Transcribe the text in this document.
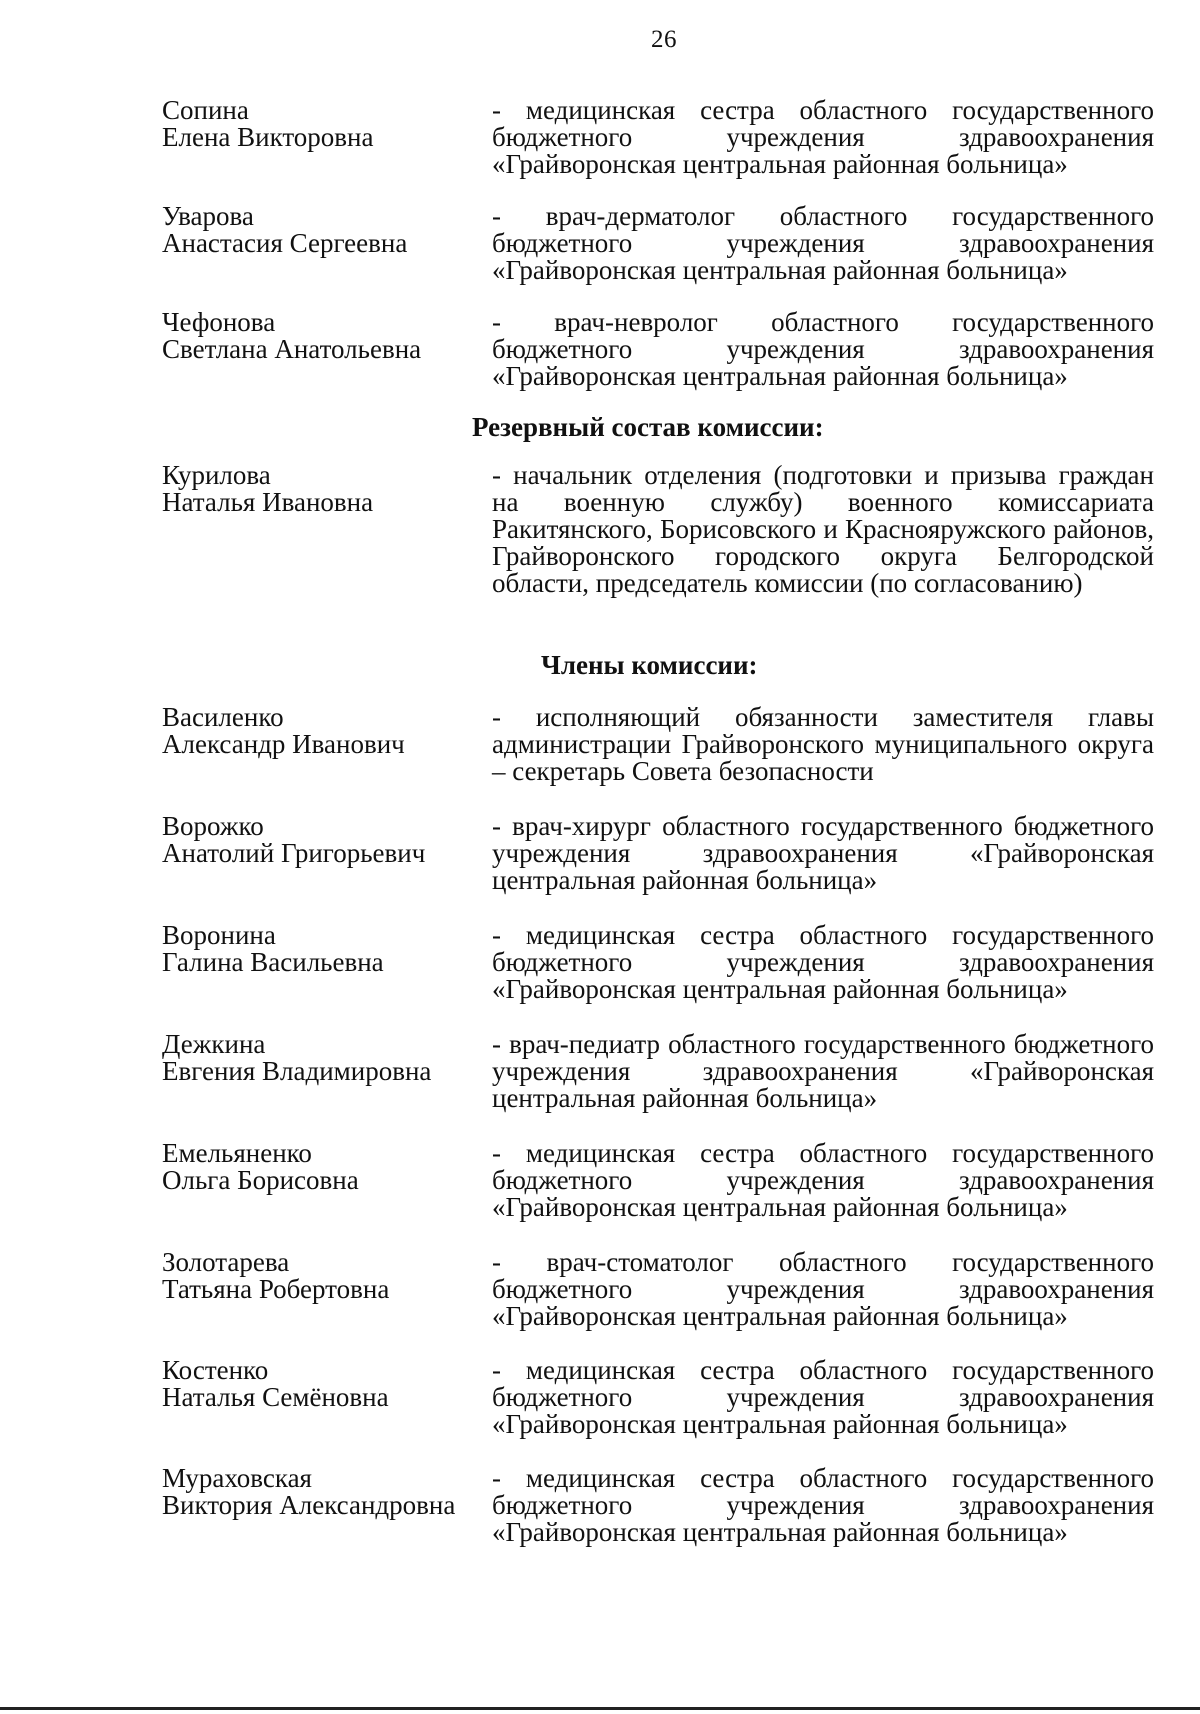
26
Сопина
Елена Викторовна
- медицинская сестра областного государственного бюджетного учреждения здравоохранения «Грайворонская центральная районная больница»
Уварова
Анастасия Сергеевна
- врач-дерматолог областного государственного бюджетного учреждения здравоохранения «Грайворонская центральная районная больница»
Чефонова
Светлана Анатольевна
- врач-невролог областного государственного бюджетного учреждения здравоохранения «Грайворонская центральная районная больница»
Резервный состав комиссии:
Курилова
Наталья Ивановна
- начальник отделения (подготовки и призыва граждан на военную службу) военного комиссариата Ракитянского, Борисовского и Краснояружского районов, Грайворонского городского округа Белгородской области, председатель комиссии (по согласованию)
Члены комиссии:
Василенко
Александр Иванович
- исполняющий обязанности заместителя главы администрации Грайворонского муниципального округа – секретарь Совета безопасности
Ворожко
Анатолий Григорьевич
- врач-хирург областного государственного бюджетного учреждения здравоохранения «Грайворонская центральная районная больница»
Воронина
Галина Васильевна
- медицинская сестра областного государственного бюджетного учреждения здравоохранения «Грайворонская центральная районная больница»
Дежкина
Евгения Владимировна
- врач-педиатр областного государственного бюджетного учреждения здравоохранения «Грайворонская центральная районная больница»
Емельяненко
Ольга Борисовна
- медицинская сестра областного государственного бюджетного учреждения здравоохранения «Грайворонская центральная районная больница»
Золотарева
Татьяна Робертовна
- врач-стоматолог областного государственного бюджетного учреждения здравоохранения «Грайворонская центральная районная больница»
Костенко
Наталья Семёновна
- медицинская сестра областного государственного бюджетного учреждения здравоохранения «Грайворонская центральная районная больница»
Мураховская
Виктория Александровна
- медицинская сестра областного государственного бюджетного учреждения здравоохранения «Грайворонская центральная районная больница»
